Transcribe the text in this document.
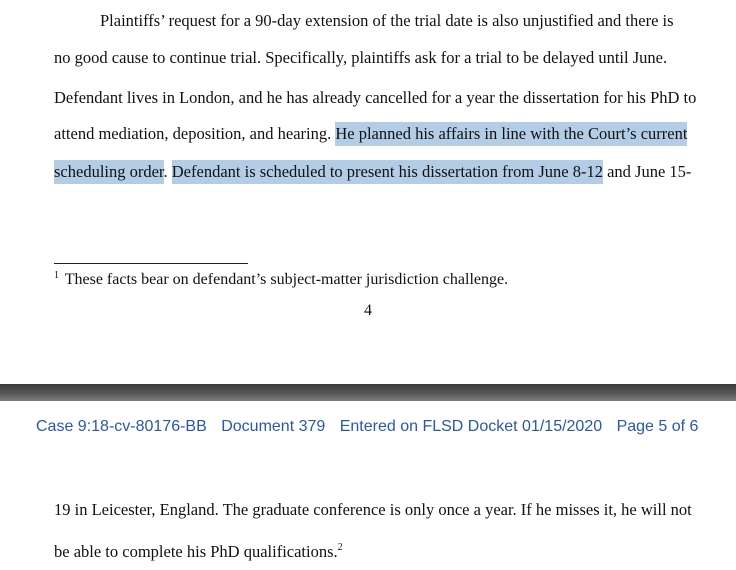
Plaintiffs’ request for a 90-day extension of the trial date is also unjustified and there is
no good cause to continue trial. Specifically, plaintiffs ask for a trial to be delayed until June.
Defendant lives in London, and he has already cancelled for a year the dissertation for his PhD to
attend mediation, deposition, and hearing. He planned his affairs in line with the Court’s current
scheduling order. Defendant is scheduled to present his dissertation from June 8-12 and June 15-
$^1$ These facts bear on defendant’s subject-matter jurisdiction challenge.
4
Case 9:18-cv-80176-BB Document 379 Entered on FLSD Docket 01/15/2020 Page 5 of 6
19 in Leicester, England. The graduate conference is only once a year. If he misses it, he will not
be able to complete his PhD qualifications.$^2$
